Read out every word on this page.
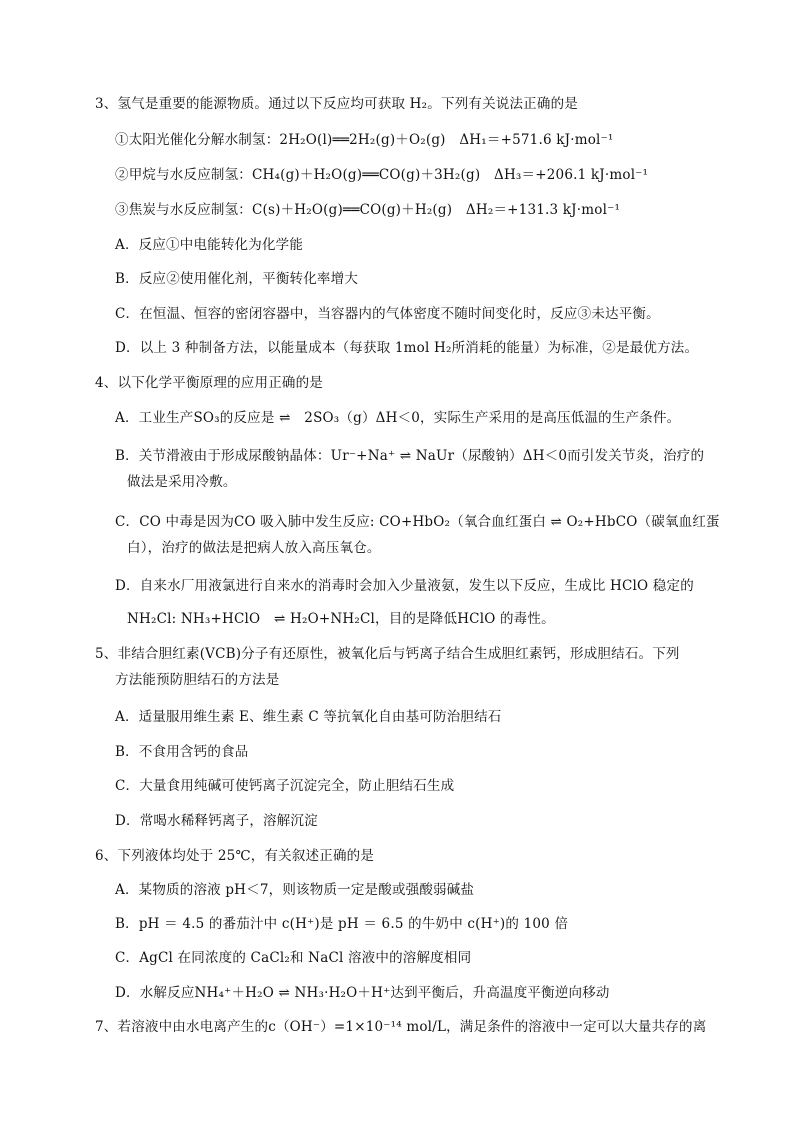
3、氢气是重要的能源物质。通过以下反应均可获取 H₂。下列有关说法正确的是
①太阳光催化分解水制氢：2H₂O(l)══2H₂(g)＋O₂(g)　ΔH₁＝+571.6 kJ·mol⁻¹
②甲烷与水反应制氢：CH₄(g)＋H₂O(g)══CO(g)＋3H₂(g)　ΔH₃＝+206.1 kJ·mol⁻¹
③焦炭与水反应制氢：C(s)＋H₂O(g)══CO(g)＋H₂(g)　ΔH₂＝+131.3 kJ·mol⁻¹
A．反应①中电能转化为化学能
B．反应②使用催化剂，平衡转化率增大
C．在恒温、恒容的密闭容器中，当容器内的气体密度不随时间变化时，反应③未达平衡。
D．以上 3 种制备方法，以能量成本（每获取 1mol H₂所消耗的能量）为标准，②是最优方法。
4、以下化学平衡原理的应用正确的是
A．工业生产SO₃的反应是 ⇌　2SO₃（g）ΔH＜0，实际生产采用的是高压低温的生产条件。
B．关节滑液由于形成尿酸钠晶体：Ur⁻+Na⁺ ⇌ NaUr（尿酸钠）ΔH＜0而引发关节炎，治疗的
做法是采用冷敷。
C．CO 中毒是因为CO 吸入肺中发生反应: CO+HbO₂（氧合血红蛋白 ⇌ O₂+HbCO（碳氧血红蛋
白），治疗的做法是把病人放入高压氧仓。
D．自来水厂用液氯进行自来水的消毒时会加入少量液氨，发生以下反应，生成比 HClO 稳定的
NH₂Cl: NH₃+HClO　⇌ H₂O+NH₂Cl，目的是降低HClO 的毒性。
5、非结合胆红素(VCB)分子有还原性，被氧化后与钙离子结合生成胆红素钙，形成胆结石。下列
方法能预防胆结石的方法是
A．适量服用维生素 E、维生素 C 等抗氧化自由基可防治胆结石
B．不食用含钙的食品
C．大量食用纯碱可使钙离子沉淀完全，防止胆结石生成
D．常喝水稀释钙离子，溶解沉淀
6、下列液体均处于 25℃，有关叙述正确的是
A．某物质的溶液 pH＜7，则该物质一定是酸或强酸弱碱盐
B．pH ＝ 4.5 的番茄汁中 c(H⁺)是 pH ＝ 6.5 的牛奶中 c(H⁺)的 100 倍
C．AgCl 在同浓度的 CaCl₂和 NaCl 溶液中的溶解度相同
D．水解反应NH₄⁺＋H₂O ⇌ NH₃·H₂O＋H⁺达到平衡后，升高温度平衡逆向移动
7、若溶液中由水电离产生的c（OH⁻）=1×10⁻¹⁴ mol/L，满足条件的溶液中一定可以大量共存的离
